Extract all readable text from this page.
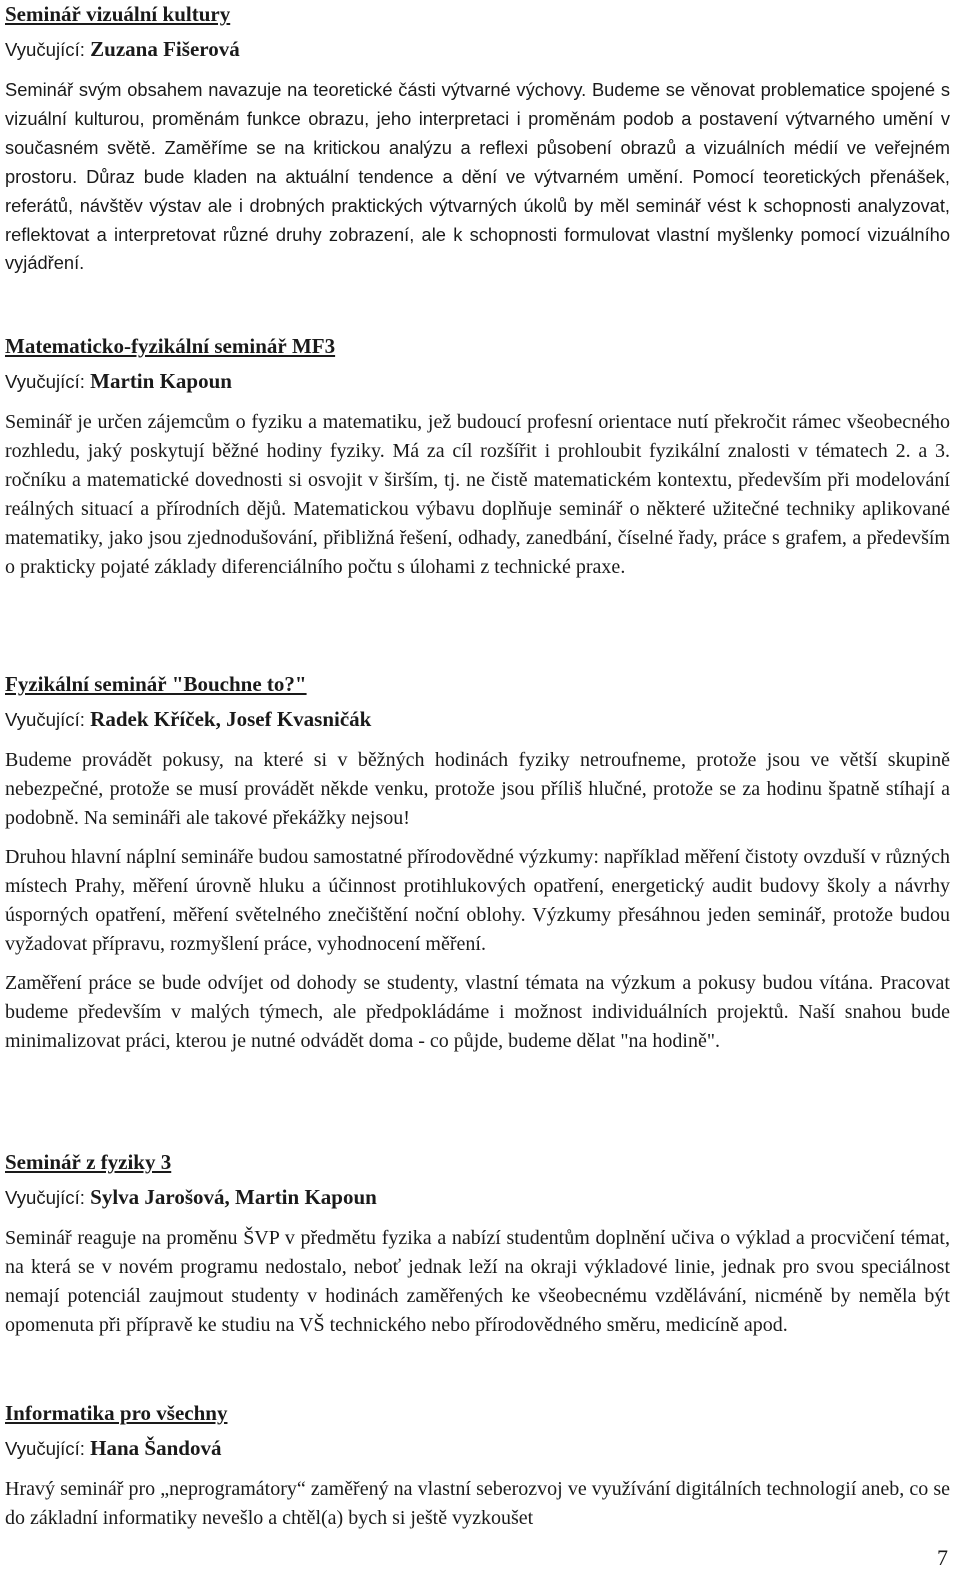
Seminář vizuální kultury
Vyučující: Zuzana Fišerová
Seminář svým obsahem navazuje na teoretické části výtvarné výchovy. Budeme se věnovat problematice spojené s vizuální kulturou, proměnám funkce obrazu, jeho interpretaci i proměnám podob a postavení výtvarného umění v současném světě. Zaměříme se na kritickou analýzu a reflexi působení obrazů a vizuálních médií ve veřejném prostoru. Důraz bude kladen na aktuální tendence a dění ve výtvarném umění. Pomocí teoretických přenášek, referátů, návštěv výstav ale i drobných praktických výtvarných úkolů by měl seminář vést k schopnosti analyzovat, reflektovat a interpretovat různé druhy zobrazení, ale k schopnosti formulovat vlastní myšlenky pomocí vizuálního vyjádření.
Matematicko-fyzikální seminář MF3
Vyučující: Martin Kapoun
Seminář je určen zájemcům o fyziku a matematiku, jež budoucí profesní orientace nutí překročit rámec všeobecného rozhledu, jaký poskytují běžné hodiny fyziky. Má za cíl rozšířit i prohloubit fyzikální znalosti v tématech 2. a 3. ročníku a matematické dovednosti si osvojit v širším, tj. ne čistě matematickém kontextu, především při modelování reálných situací a přírodních dějů. Matematickou výbavu doplňuje seminář o některé užitečné techniky aplikované matematiky, jako jsou zjednodušování, přibližná řešení, odhady, zanedbání, číselné řady, práce s grafem, a především o prakticky pojaté základy diferenciálního počtu s úlohami z technické praxe.
Fyzikální seminář "Bouchne to?"
Vyučující: Radek Kříček, Josef Kvasničák
Budeme provádět pokusy, na které si v běžných hodinách fyziky netroufneme, protože jsou ve větší skupině nebezpečné, protože se musí provádět někde venku, protože jsou příliš hlučné, protože se za hodinu špatně stíhají a podobně. Na semináři ale takové překážky nejsou!
Druhou hlavní náplní semináře budou samostatné přírodovědné výzkumy: například měření čistoty ovzduší v různých místech Prahy, měření úrovně hluku a účinnost protihlukových opatření, energetický audit budovy školy a návrhy úsporných opatření, měření světelného znečištění noční oblohy. Výzkumy přesáhnou jeden seminář, protože budou vyžadovat přípravu, rozmyšlení práce, vyhodnocení měření.
Zaměření práce se bude odvíjet od dohody se studenty, vlastní témata na výzkum a pokusy budou vítána. Pracovat budeme především v malých týmech, ale předpokládáme i možnost individuálních projektů. Naší snahou bude minimalizovat práci, kterou je nutné odvádět doma - co půjde, budeme dělat "na hodině".
Seminář z fyziky 3
Vyučující: Sylva Jarošová, Martin Kapoun
Seminář reaguje na proměnu ŠVP v předmětu fyzika a nabízí studentům doplnění učiva o výklad a procvičení témat, na která se v novém programu nedostalo, neboť jednak leží na okraji výkladové linie, jednak pro svou speciálnost nemají potenciál zaujmout studenty v hodinách zaměřených ke všeobecnému vzdělávání, nicméně by neměla být opomenuta při přípravě ke studiu na VŠ technického nebo přírodovědného směru, medicíně apod.
Informatika pro všechny
Vyučující: Hana Šandová
Hravý seminář pro „neprogramátory“ zaměřený na vlastní seberozvoj ve využívání digitálních technologií aneb, co se do základní informatiky nevešlo a chtěl(a) bych si ještě vyzkoušet
7
